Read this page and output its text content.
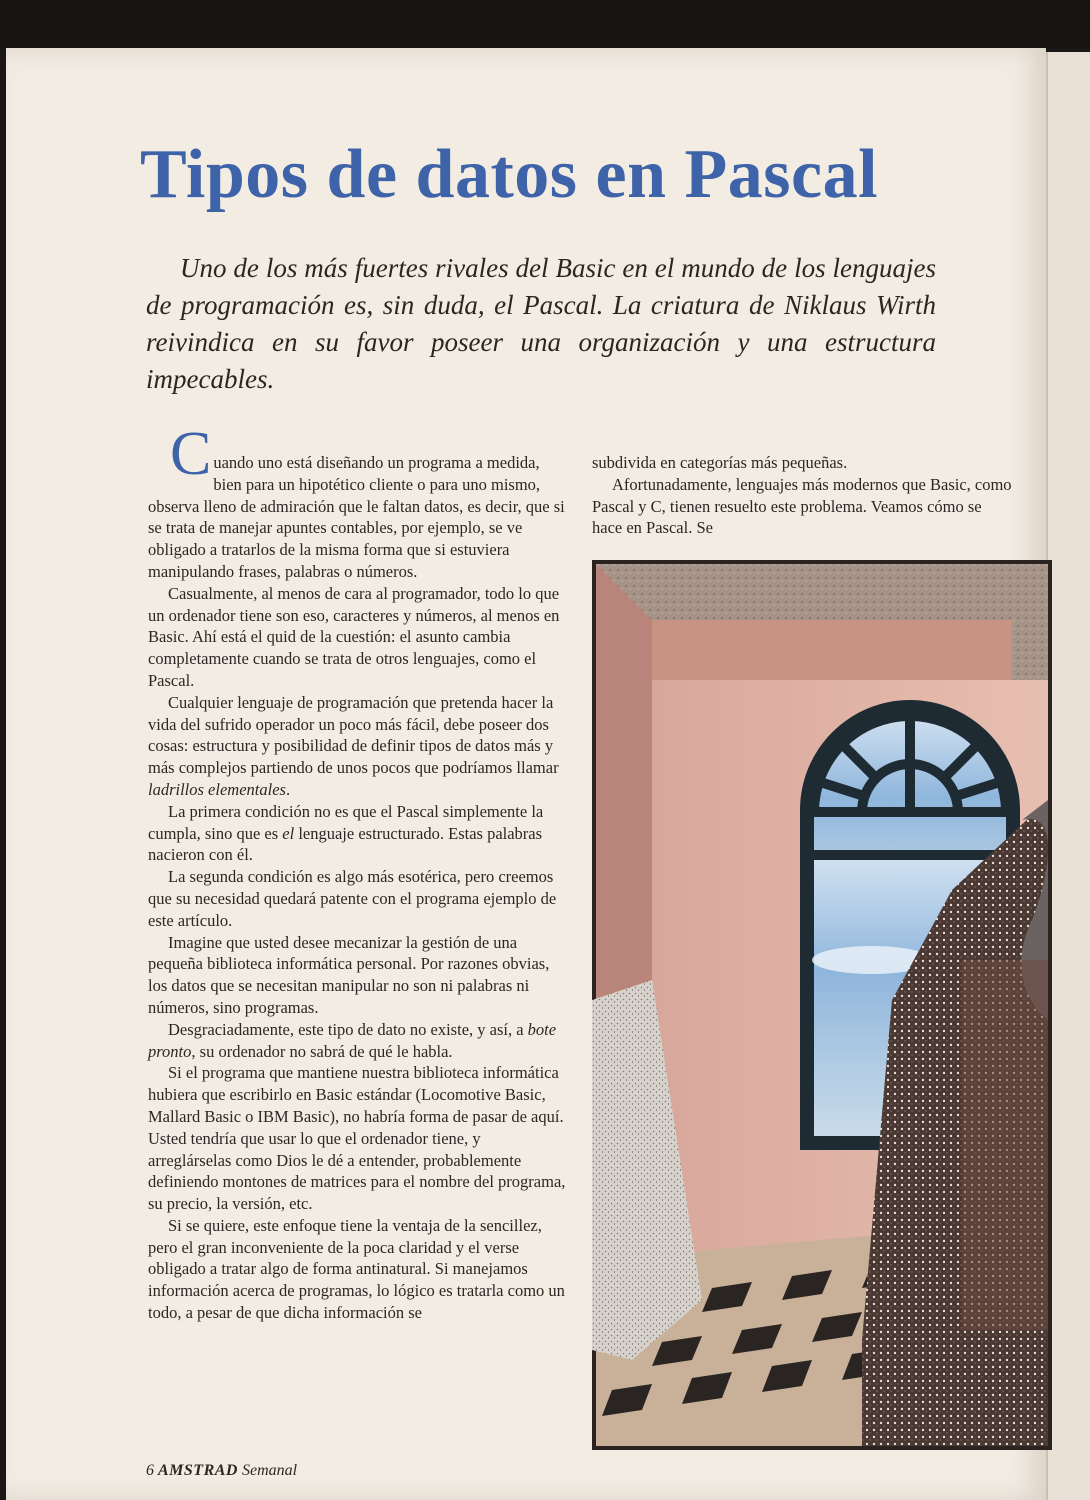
Tipos de datos en Pascal

Uno de los más fuertes rivales del Basic en el mundo de los lenguajes de programación es, sin duda, el Pascal. La criatura de Niklaus Wirth reivindica en su favor poseer una organización y una estructura impecables.

Cuando uno está diseñando un programa a medida, bien para un hipotético cliente o para uno mismo, observa lleno de admiración que le faltan datos, es decir, que si se trata de manejar apuntes contables, por ejemplo, se ve obligado a tratarlos de la misma forma que si estuviera manipulando frases, palabras o números.

Casualmente, al menos de cara al programador, todo lo que un ordenador tiene son eso, caracteres y números, al menos en Basic. Ahí está el quid de la cuestión: el asunto cambia completamente cuando se trata de otros lenguajes, como el Pascal.

Cualquier lenguaje de programación que pretenda hacer la vida del sufrido operador un poco más fácil, debe poseer dos cosas: estructura y posibilidad de definir tipos de datos más y más complejos partiendo de unos pocos que podríamos llamar ladrillos elementales.

La primera condición no es que el Pascal simplemente la cumpla, sino que es el lenguaje estructurado. Estas palabras nacieron con él.

La segunda condición es algo más esotérica, pero creemos que su necesidad quedará patente con el programa ejemplo de este artículo.

Imagine que usted desee mecanizar la gestión de una pequeña biblioteca informática personal. Por razones obvias, los datos que se necesitan manipular no son ni palabras ni números, sino programas.

Desgraciadamente, este tipo de dato no existe, y así, a bote pronto, su ordenador no sabrá de qué le habla.

Si el programa que mantiene nuestra biblioteca informática hubiera que escribirlo en Basic estándar (Locomotive Basic, Mallard Basic o IBM Basic), no habría forma de pasar de aquí. Usted tendría que usar lo que el ordenador tiene, y arreglárselas como Dios le dé a entender, probablemente definiendo montones de matrices para el nombre del programa, su precio, la versión, etc.

Si se quiere, este enfoque tiene la ventaja de la sencillez, pero el gran inconveniente de la poca claridad y el verse obligado a tratar algo de forma antinatural. Si manejamos información acerca de programas, lo lógico es tratarla como un todo, a pesar de que dicha información se

subdivida en categorías más pequeñas.

Afortunadamente, lenguajes más modernos que Basic, como Pascal y C, tienen resuelto este problema. Veamos cómo se hace en Pascal. Se

6 AMSTRAD Semanal
